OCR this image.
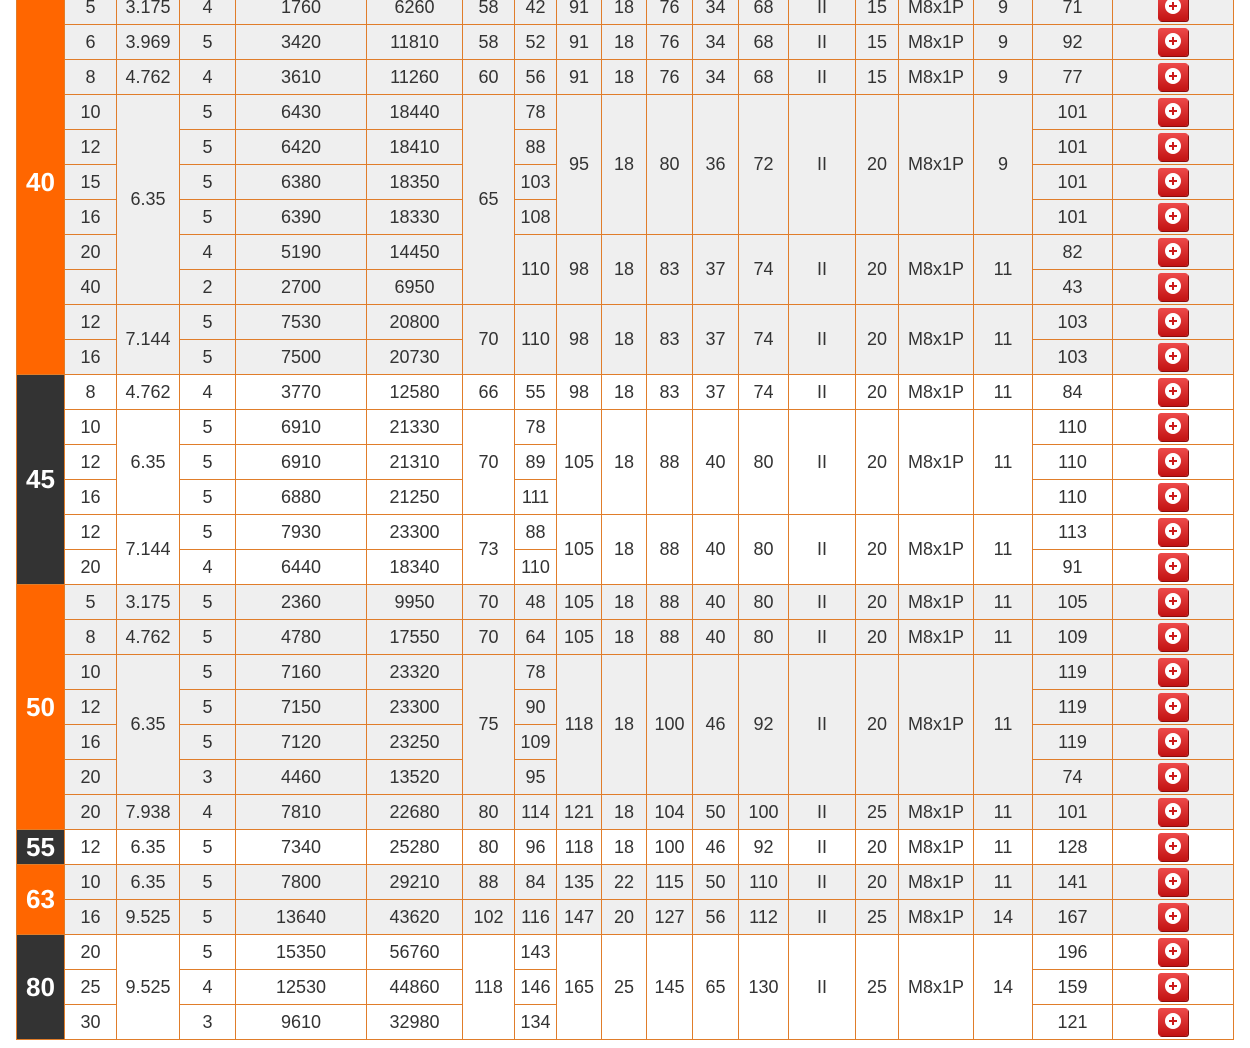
40	5	3.175	4	1760	6260	58	42	91	18	76	34	68	II	15	M8x1P	9	71	

	6	3.969	5	3420	11810	58	52	91	18	76	34	68	II	15	M8x1P	9	92	

	8	4.762	4	3610	11260	60	56	91	18	76	34	68	II	15	M8x1P	9	77	

	10	6.35	5	6430	18440	65	78	95	18	80	36	72	II	20	M8x1P	9	101	

	12		5	6420	18410		88										101	

	15		5	6380	18350		103										101	

	16		5	6390	18330		108										101	

	20		4	5190	14450		110	98	18	83	37	74	II	20	M8x1P	11	82	

	40		2	2700	6950												43	

	12	7.144	5	7530	20800	70	110	98	18	83	37	74	II	20	M8x1P	11	103	

	16		5	7500	20730												103	

45	8	4.762	4	3770	12580	66	55	98	18	83	37	74	II	20	M8x1P	11	84	

	10	6.35	5	6910	21330	70	78	105	18	88	40	80	II	20	M8x1P	11	110	

	12		5	6910	21310		89										110	

	16		5	6880	21250		111										110	

	12	7.144	5	7930	23300	73	88	105	18	88	40	80	II	20	M8x1P	11	113	

	20		4	6440	18340		110										91	

50	5	3.175	5	2360	9950	70	48	105	18	88	40	80	II	20	M8x1P	11	105	

	8	4.762	5	4780	17550	70	64	105	18	88	40	80	II	20	M8x1P	11	109	

	10	6.35	5	7160	23320	75	78	118	18	100	46	92	II	20	M8x1P	11	119	

	12		5	7150	23300		90										119	

	16		5	7120	23250		109										119	

	20		3	4460	13520		95										74	

	20	7.938	4	7810	22680	80	114	121	18	104	50	100	II	25	M8x1P	11	101	

55	12	6.35	5	7340	25280	80	96	118	18	100	46	92	II	20	M8x1P	11	128	

63	10	6.35	5	7800	29210	88	84	135	22	115	50	110	II	20	M8x1P	11	141	

	16	9.525	5	13640	43620	102	116	147	20	127	56	112	II	25	M8x1P	14	167	

80	20	9.525	5	15350	56760	118	143	165	25	145	65	130	II	25	M8x1P	14	196	

	25		4	12530	44860		146										159	

	30		3	9610	32980		134										121	
